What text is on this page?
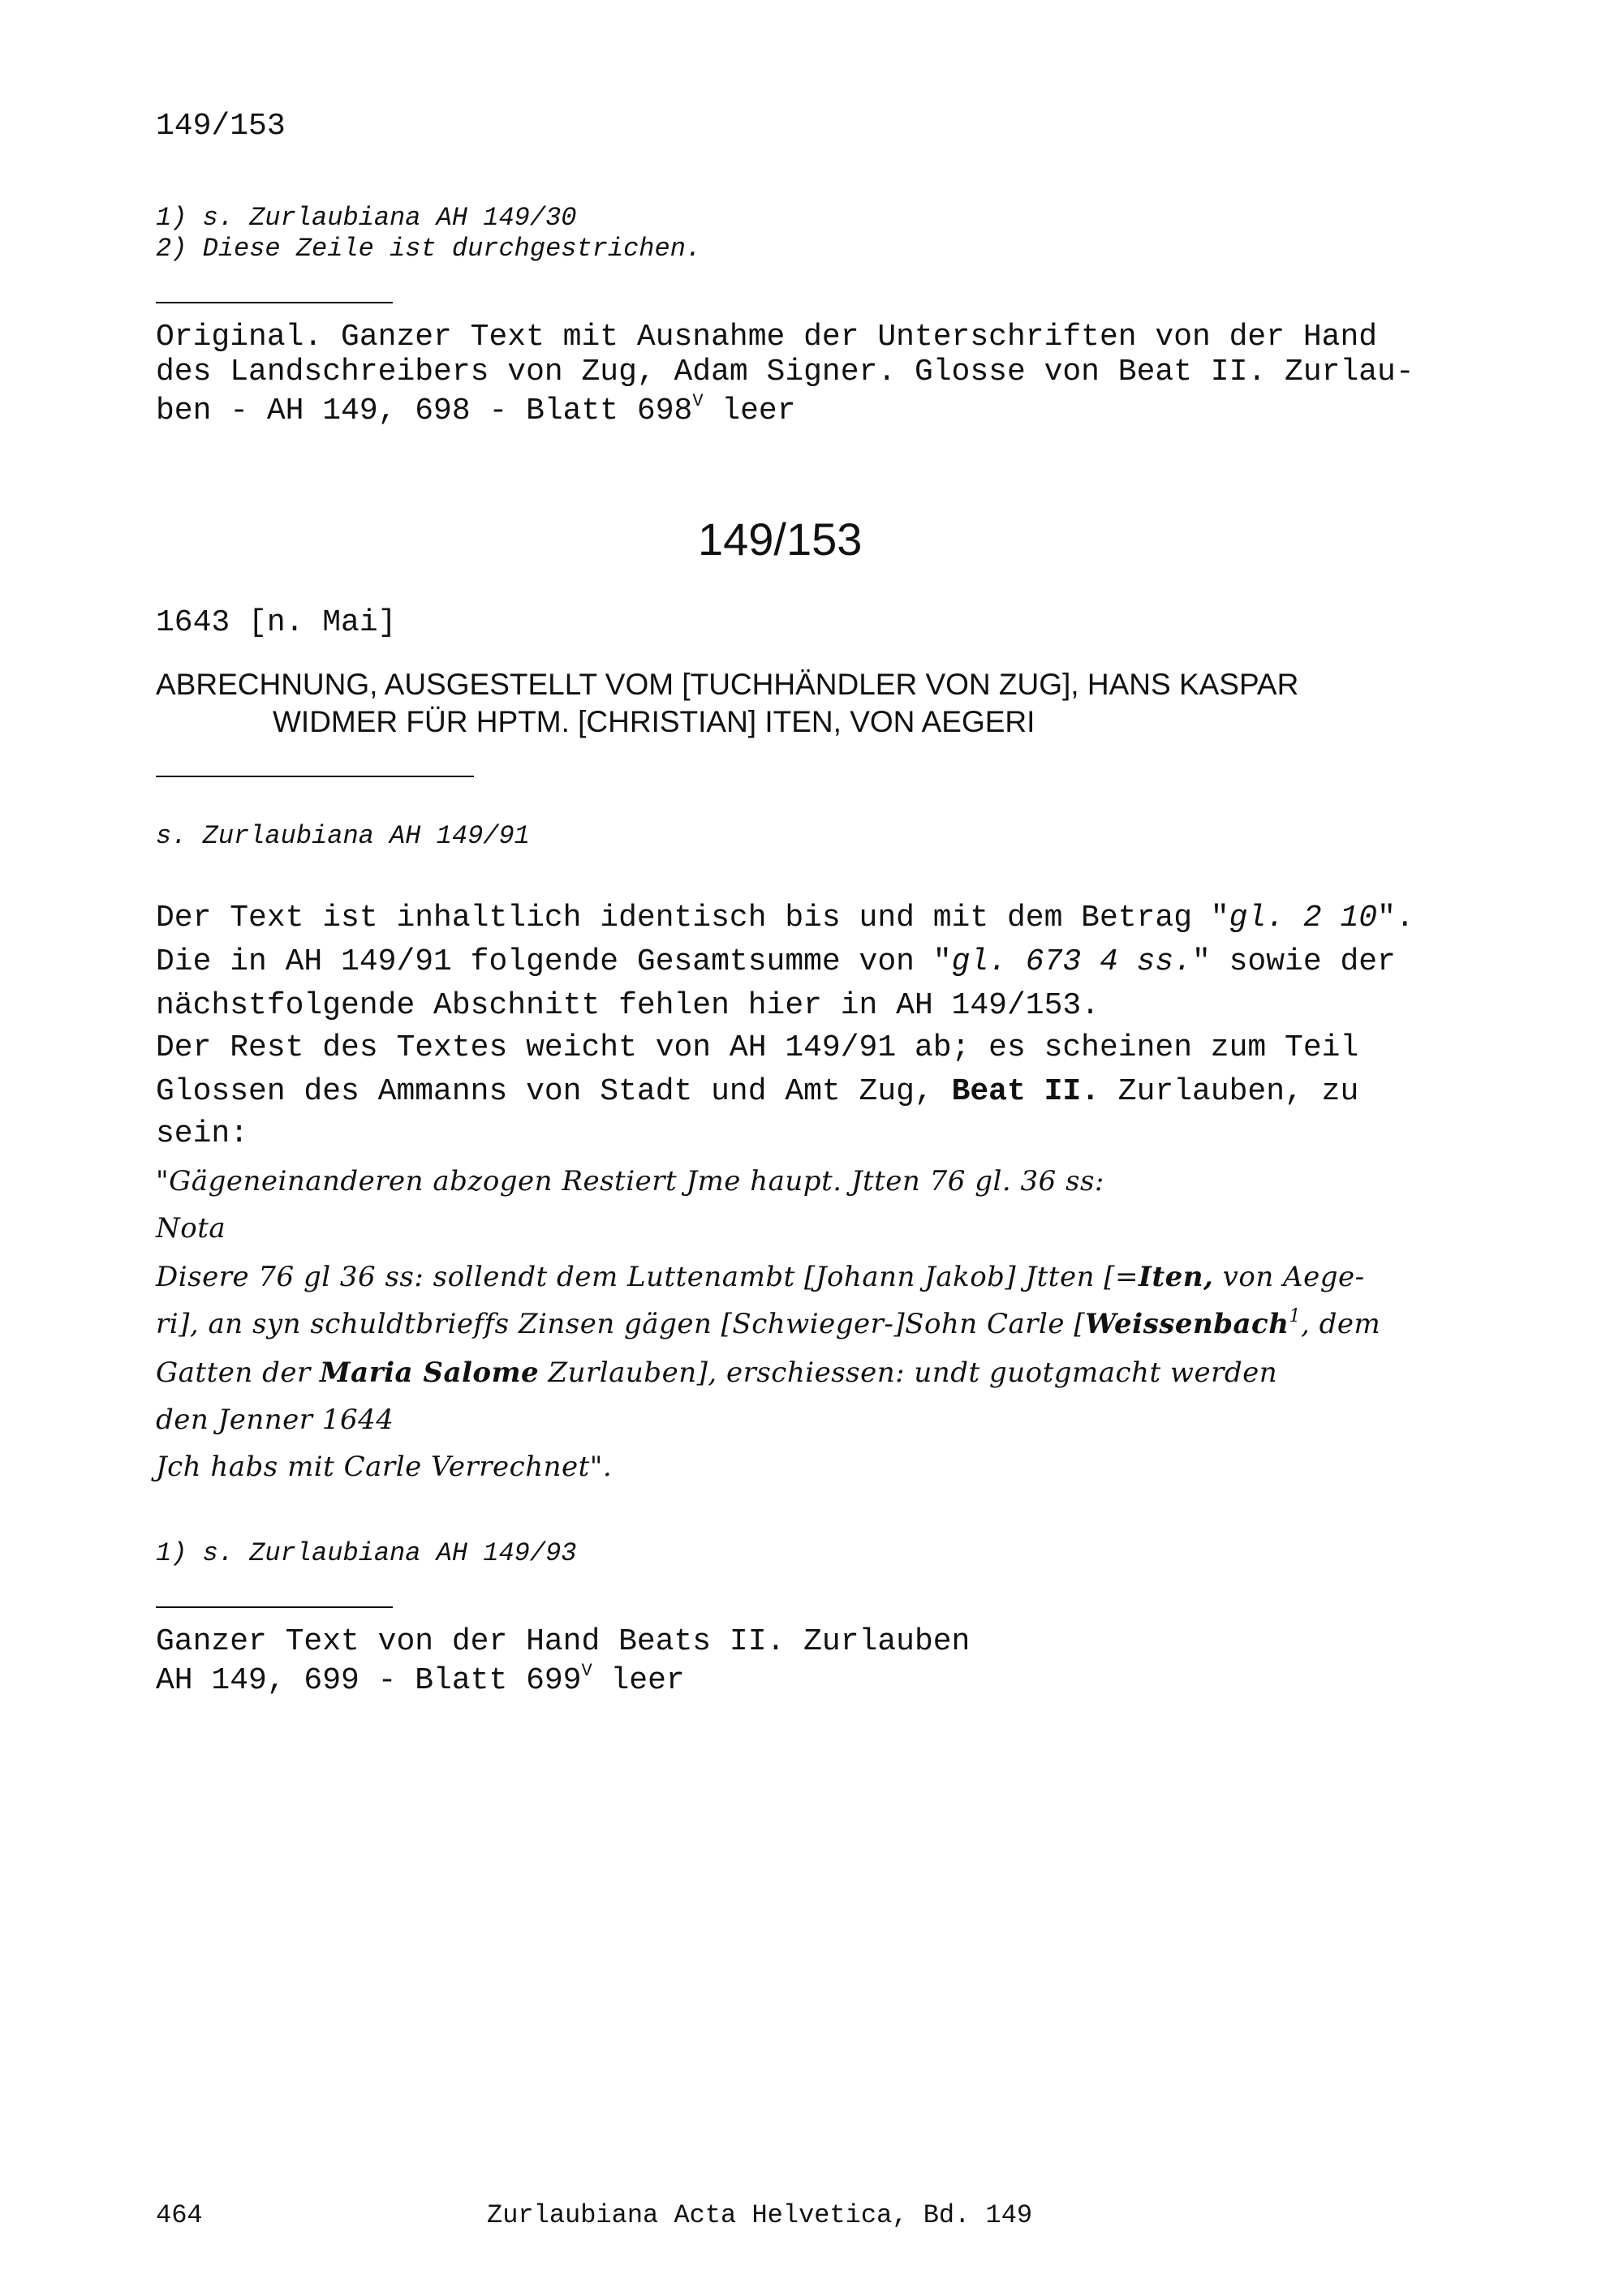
149/153
1) s. Zurlaubiana AH 149/30
2) Diese Zeile ist durchgestrichen.
Original. Ganzer Text mit Ausnahme der Unterschriften von der Hand
des Landschreibers von Zug, Adam Signer. Glosse von Beat II. Zurlau-
ben - AH 149, 698 - Blatt $698^V$ leer
149/153
1643 [n. Mai]
ABRECHNUNG, AUSGESTELLT VOM [TUCHHÄNDLER VON ZUG], HANS KASPAR
WIDMER FÜR HPTM. [CHRISTIAN] ITEN, VON AEGERI
s. Zurlaubiana AH 149/91
Der Text ist inhaltlich identisch bis und mit dem Betrag "gl. 2 10".
Die in AH 149/91 folgende Gesamtsumme von "gl. 673 4 ss." sowie der
nächstfolgende Abschnitt fehlen hier in AH 149/153.
Der Rest des Textes weicht von AH 149/91 ab; es scheinen zum Teil
Glossen des Ammanns von Stadt und Amt Zug, Beat II. Zurlauben, zu
sein:
"Gägeneinanderen abzogen Restiert Jme haupt. Jtten 76 gl. 36 ss:
Nota
Disere 76 gl 36 ss: sollendt dem Luttenambt [Johann Jakob] Jtten [=Iten, von Aege-
ri], an syn schuldtbrieffs Zinsen gägen [Schwieger-]Sohn Carle [Weissenbach$^1$, dem
Gatten der Maria Salome Zurlauben], erschiessen: undt guotgmacht werden
den Jenner 1644
Jch habs mit Carle Verrechnet".
1) s. Zurlaubiana AH 149/93
Ganzer Text von der Hand Beats II. Zurlauben
AH 149, 699 - Blatt $699^V$ leer
464	Zurlaubiana Acta Helvetica, Bd. 149
